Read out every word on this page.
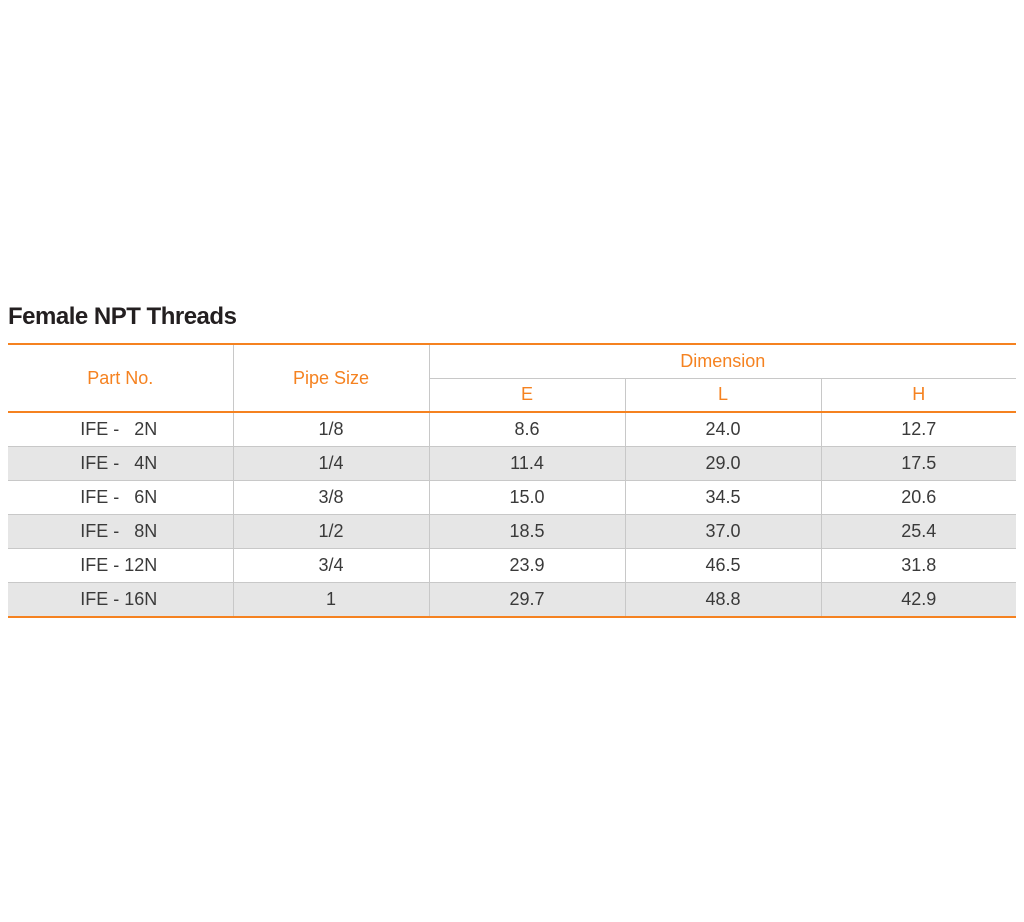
Female NPT Threads
Part No.	Pipe Size	Dimension		
		E	L	H
IFE -   2N	1/8	8.6	24.0	12.7
IFE -   4N	1/4	11.4	29.0	17.5
IFE -   6N	3/8	15.0	34.5	20.6
IFE -   8N	1/2	18.5	37.0	25.4
IFE - 12N	3/4	23.9	46.5	31.8
IFE - 16N	1	29.7	48.8	42.9
